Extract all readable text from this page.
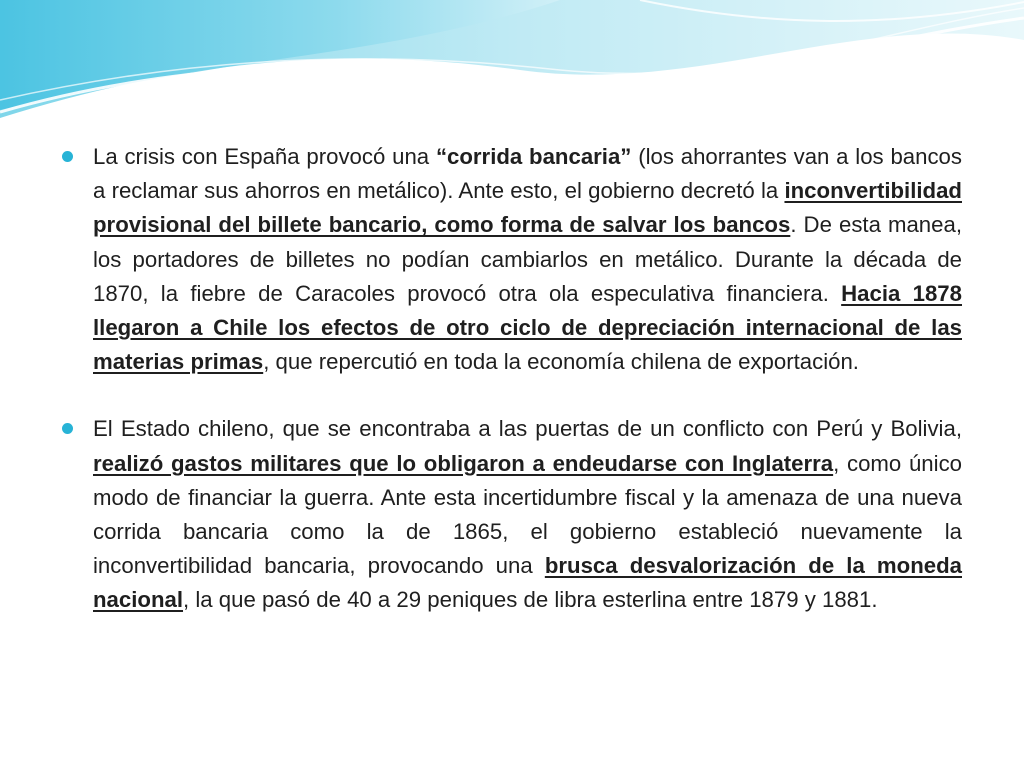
La crisis con España provocó una “corrida bancaria” (los ahorrantes van a los bancos a reclamar sus ahorros en metálico). Ante esto, el gobierno decretó la inconvertibilidad provisional del billete bancario, como forma de salvar los bancos. De esta manea, los portadores de billetes no podían cambiarlos en metálico. Durante la década de 1870, la fiebre de Caracoles provocó otra ola especulativa financiera. Hacia 1878 llegaron a Chile los efectos de otro ciclo de depreciación internacional de las materias primas, que repercutió en toda la economía chilena de exportación.

El Estado chileno, que se encontraba a las puertas de un conflicto con Perú y Bolivia, realizó gastos militares que lo obligaron a endeudarse con Inglaterra, como único modo de financiar la guerra. Ante esta incertidumbre fiscal y la amenaza de una nueva corrida bancaria como la de 1865, el gobierno estableció nuevamente la inconvertibilidad bancaria, provocando una brusca desvalorización de la moneda nacional, la que pasó de 40 a 29 peniques de libra esterlina entre 1879 y 1881.
